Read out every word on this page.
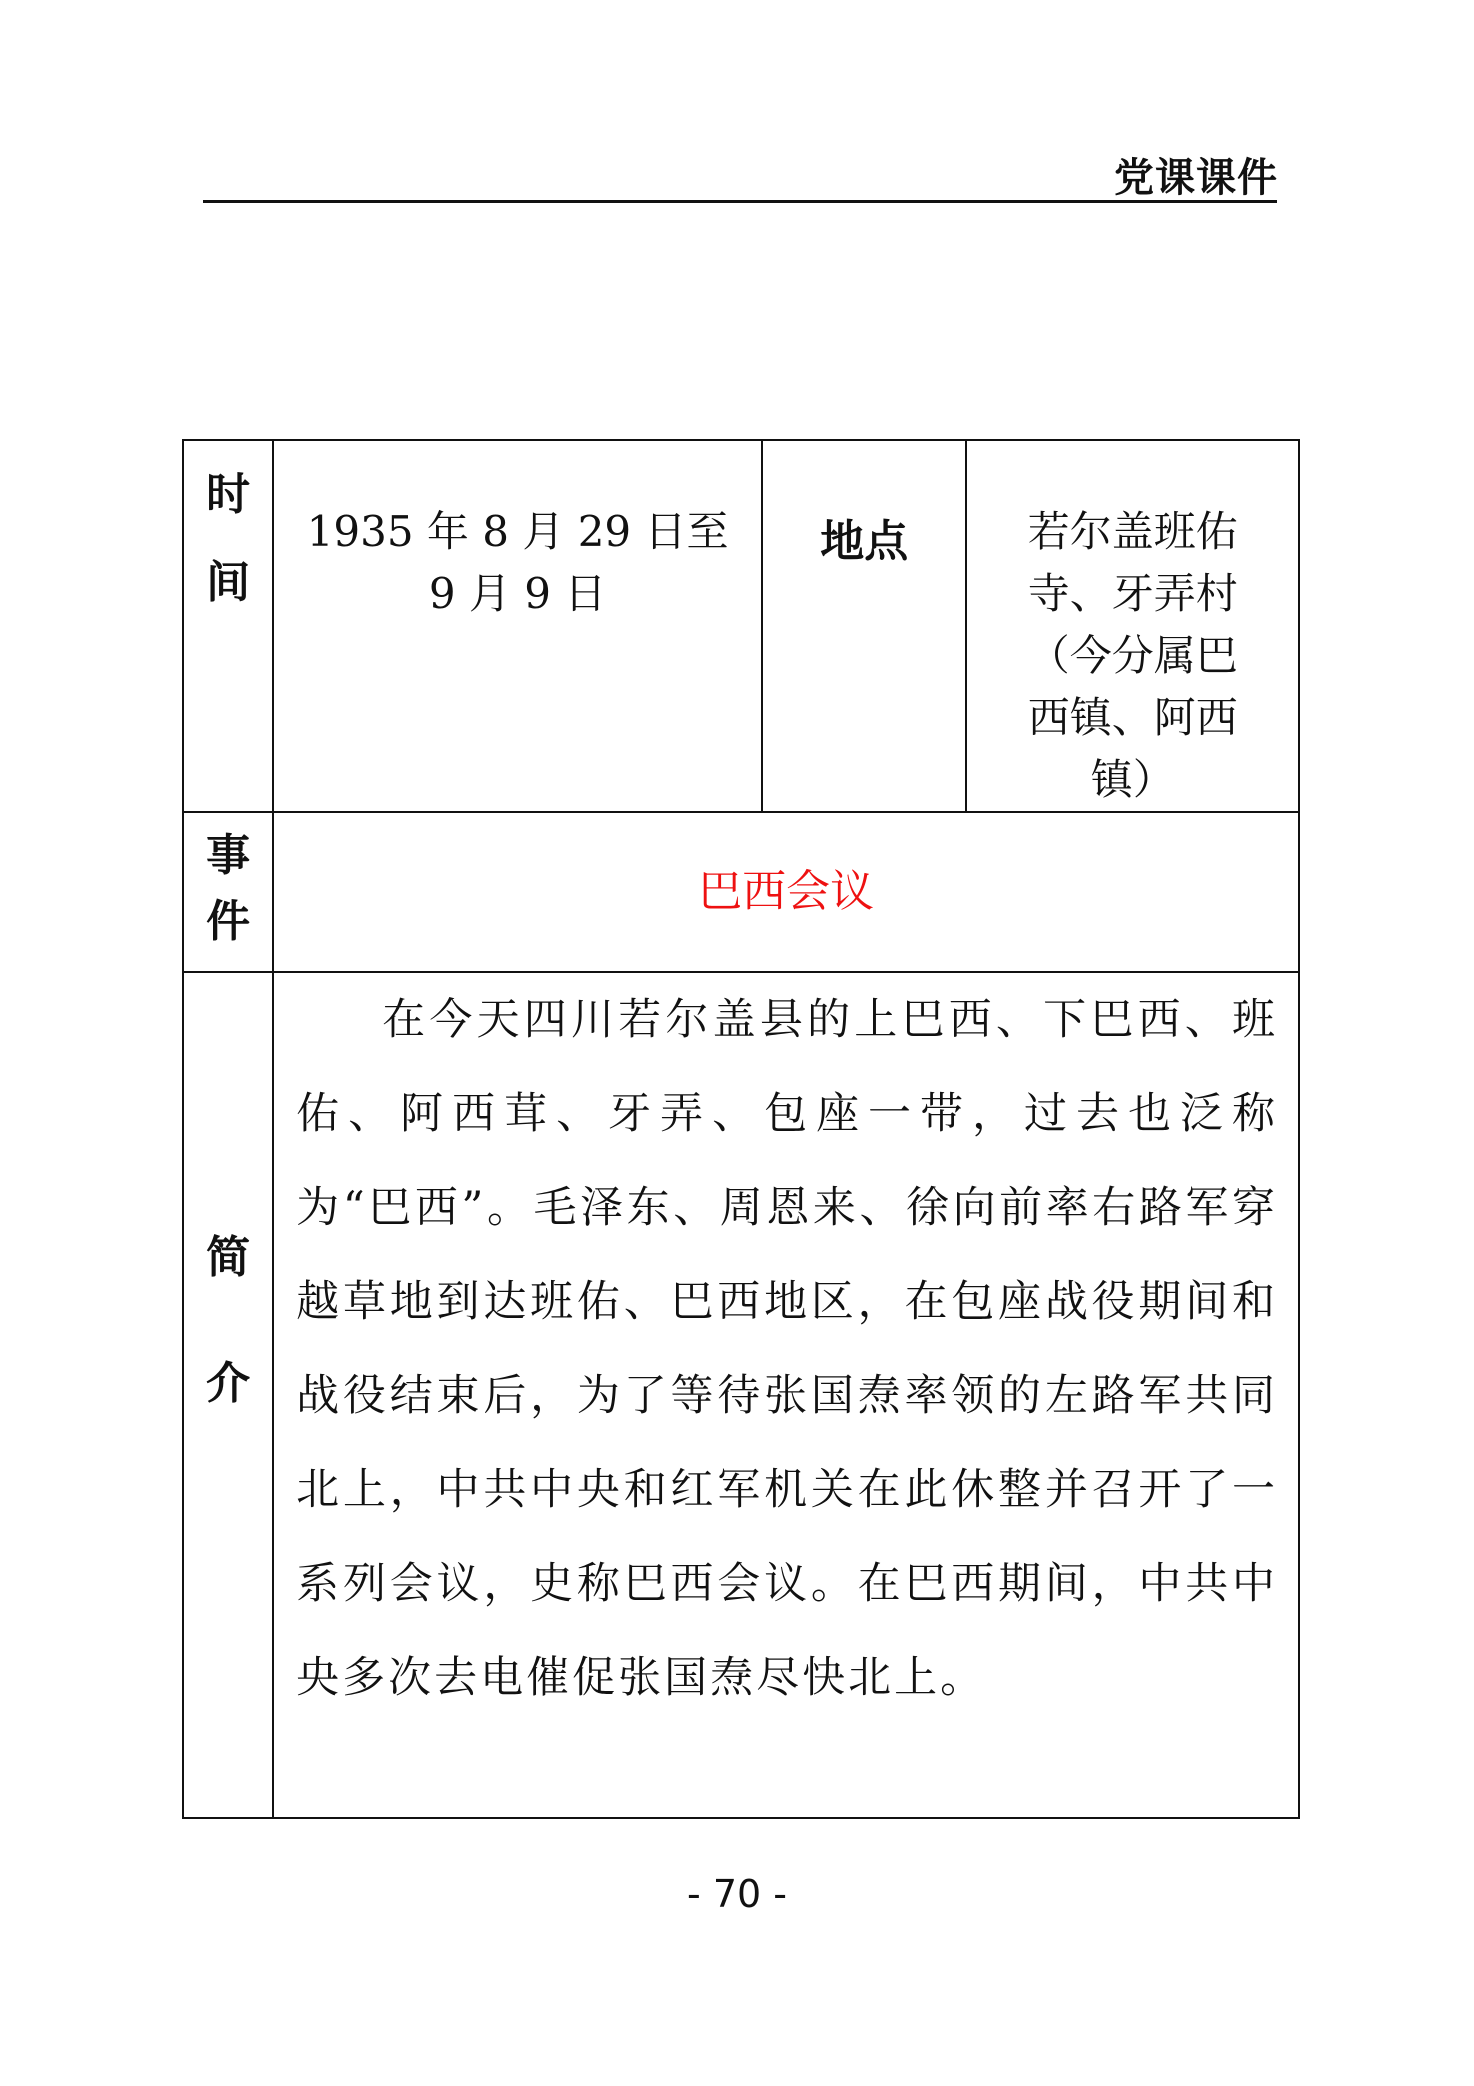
党课课件
时间	1935 年 8 月 29 日至 9 月 9 日	地点	若尔盖班佑寺、牙弄村（今分属巴西镇、阿西镇）

事件	巴西会议		

简介	在今天四川若尔盖县的上巴西、下巴西、班佑、阿西茸、牙弄、包座一带，过去也泛称为“巴西”。毛泽东、周恩来、徐向前率右路军穿越草地到达班佑、巴西地区，在包座战役期间和战役结束后，为了等待张国焘率领的左路军共同北上，中共中央和红军机关在此休整并召开了一系列会议，史称巴西会议。在巴西期间，中共中央多次去电催促张国焘尽快北上。		

- 70 -
